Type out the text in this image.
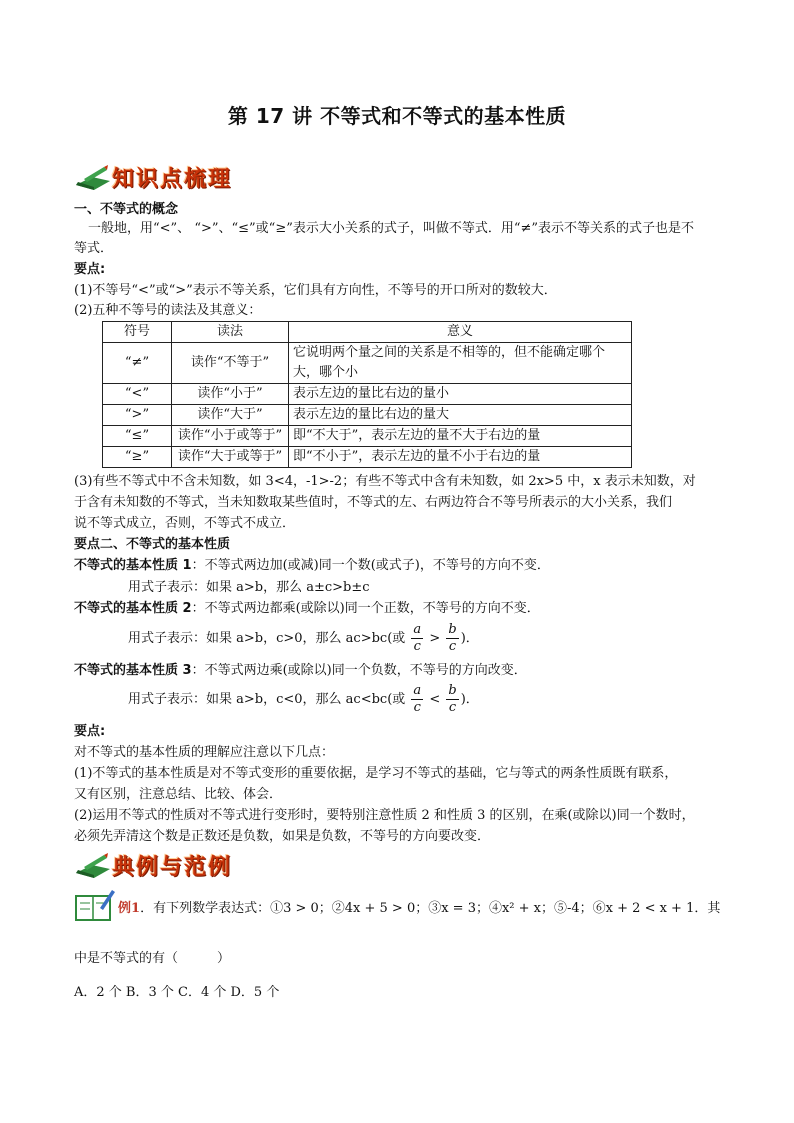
第 17 讲 不等式和不等式的基本性质
知识点梳理
一、不等式的概念
一般地，用“<”、 “>”、“≤”或“≥”表示大小关系的式子，叫做不等式．用“≠”表示不等关系的式子也是不
等式．
要点:
(1)不等号“<”或“>”表示不等关系，它们具有方向性，不等号的开口所对的数较大．
(2)五种不等号的读法及其意义：
符号	读法	意义
“≠”	读作“不等于”	它说明两个量之间的关系是不相等的，但不能确定哪个大，哪个小
“<”	读作“小于”	表示左边的量比右边的量小
“>”	读作“大于”	表示左边的量比右边的量大
“≤”	读作“小于或等于”	即“不大于”，表示左边的量不大于右边的量
“≥”	读作“大于或等于”	即“不小于”，表示左边的量不小于右边的量
(3)有些不等式中不含未知数，如 3<4，-1>-2；有些不等式中含有未知数，如 2x>5 中，x 表示未知数，对
于含有未知数的不等式，当未知数取某些值时，不等式的左、右两边符合不等号所表示的大小关系，我们
说不等式成立，否则，不等式不成立．
要点二、不等式的基本性质
不等式的基本性质 1：不等式两边加(或减)同一个数(或式子)，不等号的方向不变．
用式子表示：如果 a>b，那么 a±c>b±c
不等式的基本性质 2：不等式两边都乘(或除以)同一个正数，不等号的方向不变．
用式子表示：如果 a>b，c>0，那么 ac>bc(或 $\frac{a}{c} > \frac{b}{c}$ )．
不等式的基本性质 3：不等式两边乘(或除以)同一个负数，不等号的方向改变．
用式子表示：如果 a>b，c<0，那么 ac<bc(或 $\frac{a}{c} < \frac{b}{c}$ )．
要点:
对不等式的基本性质的理解应注意以下几点：
(1)不等式的基本性质是对不等式变形的重要依据，是学习不等式的基础，它与等式的两条性质既有联系，
又有区别，注意总结、比较、体会．
(2)运用不等式的性质对不等式进行变形时，要特别注意性质 2 和性质 3 的区别，在乘(或除以)同一个数时，
必须先弄清这个数是正数还是负数，如果是负数，不等号的方向要改变．
典例与范例
例1．有下列数学表达式：①3 > 0；②4x + 5 > 0；③x = 3；④x² + x；⑤-4；⑥x + 2 < x + 1．其
中是不等式的有（　　　）
A．2 个 B．3 个 C．4 个 D．5 个
